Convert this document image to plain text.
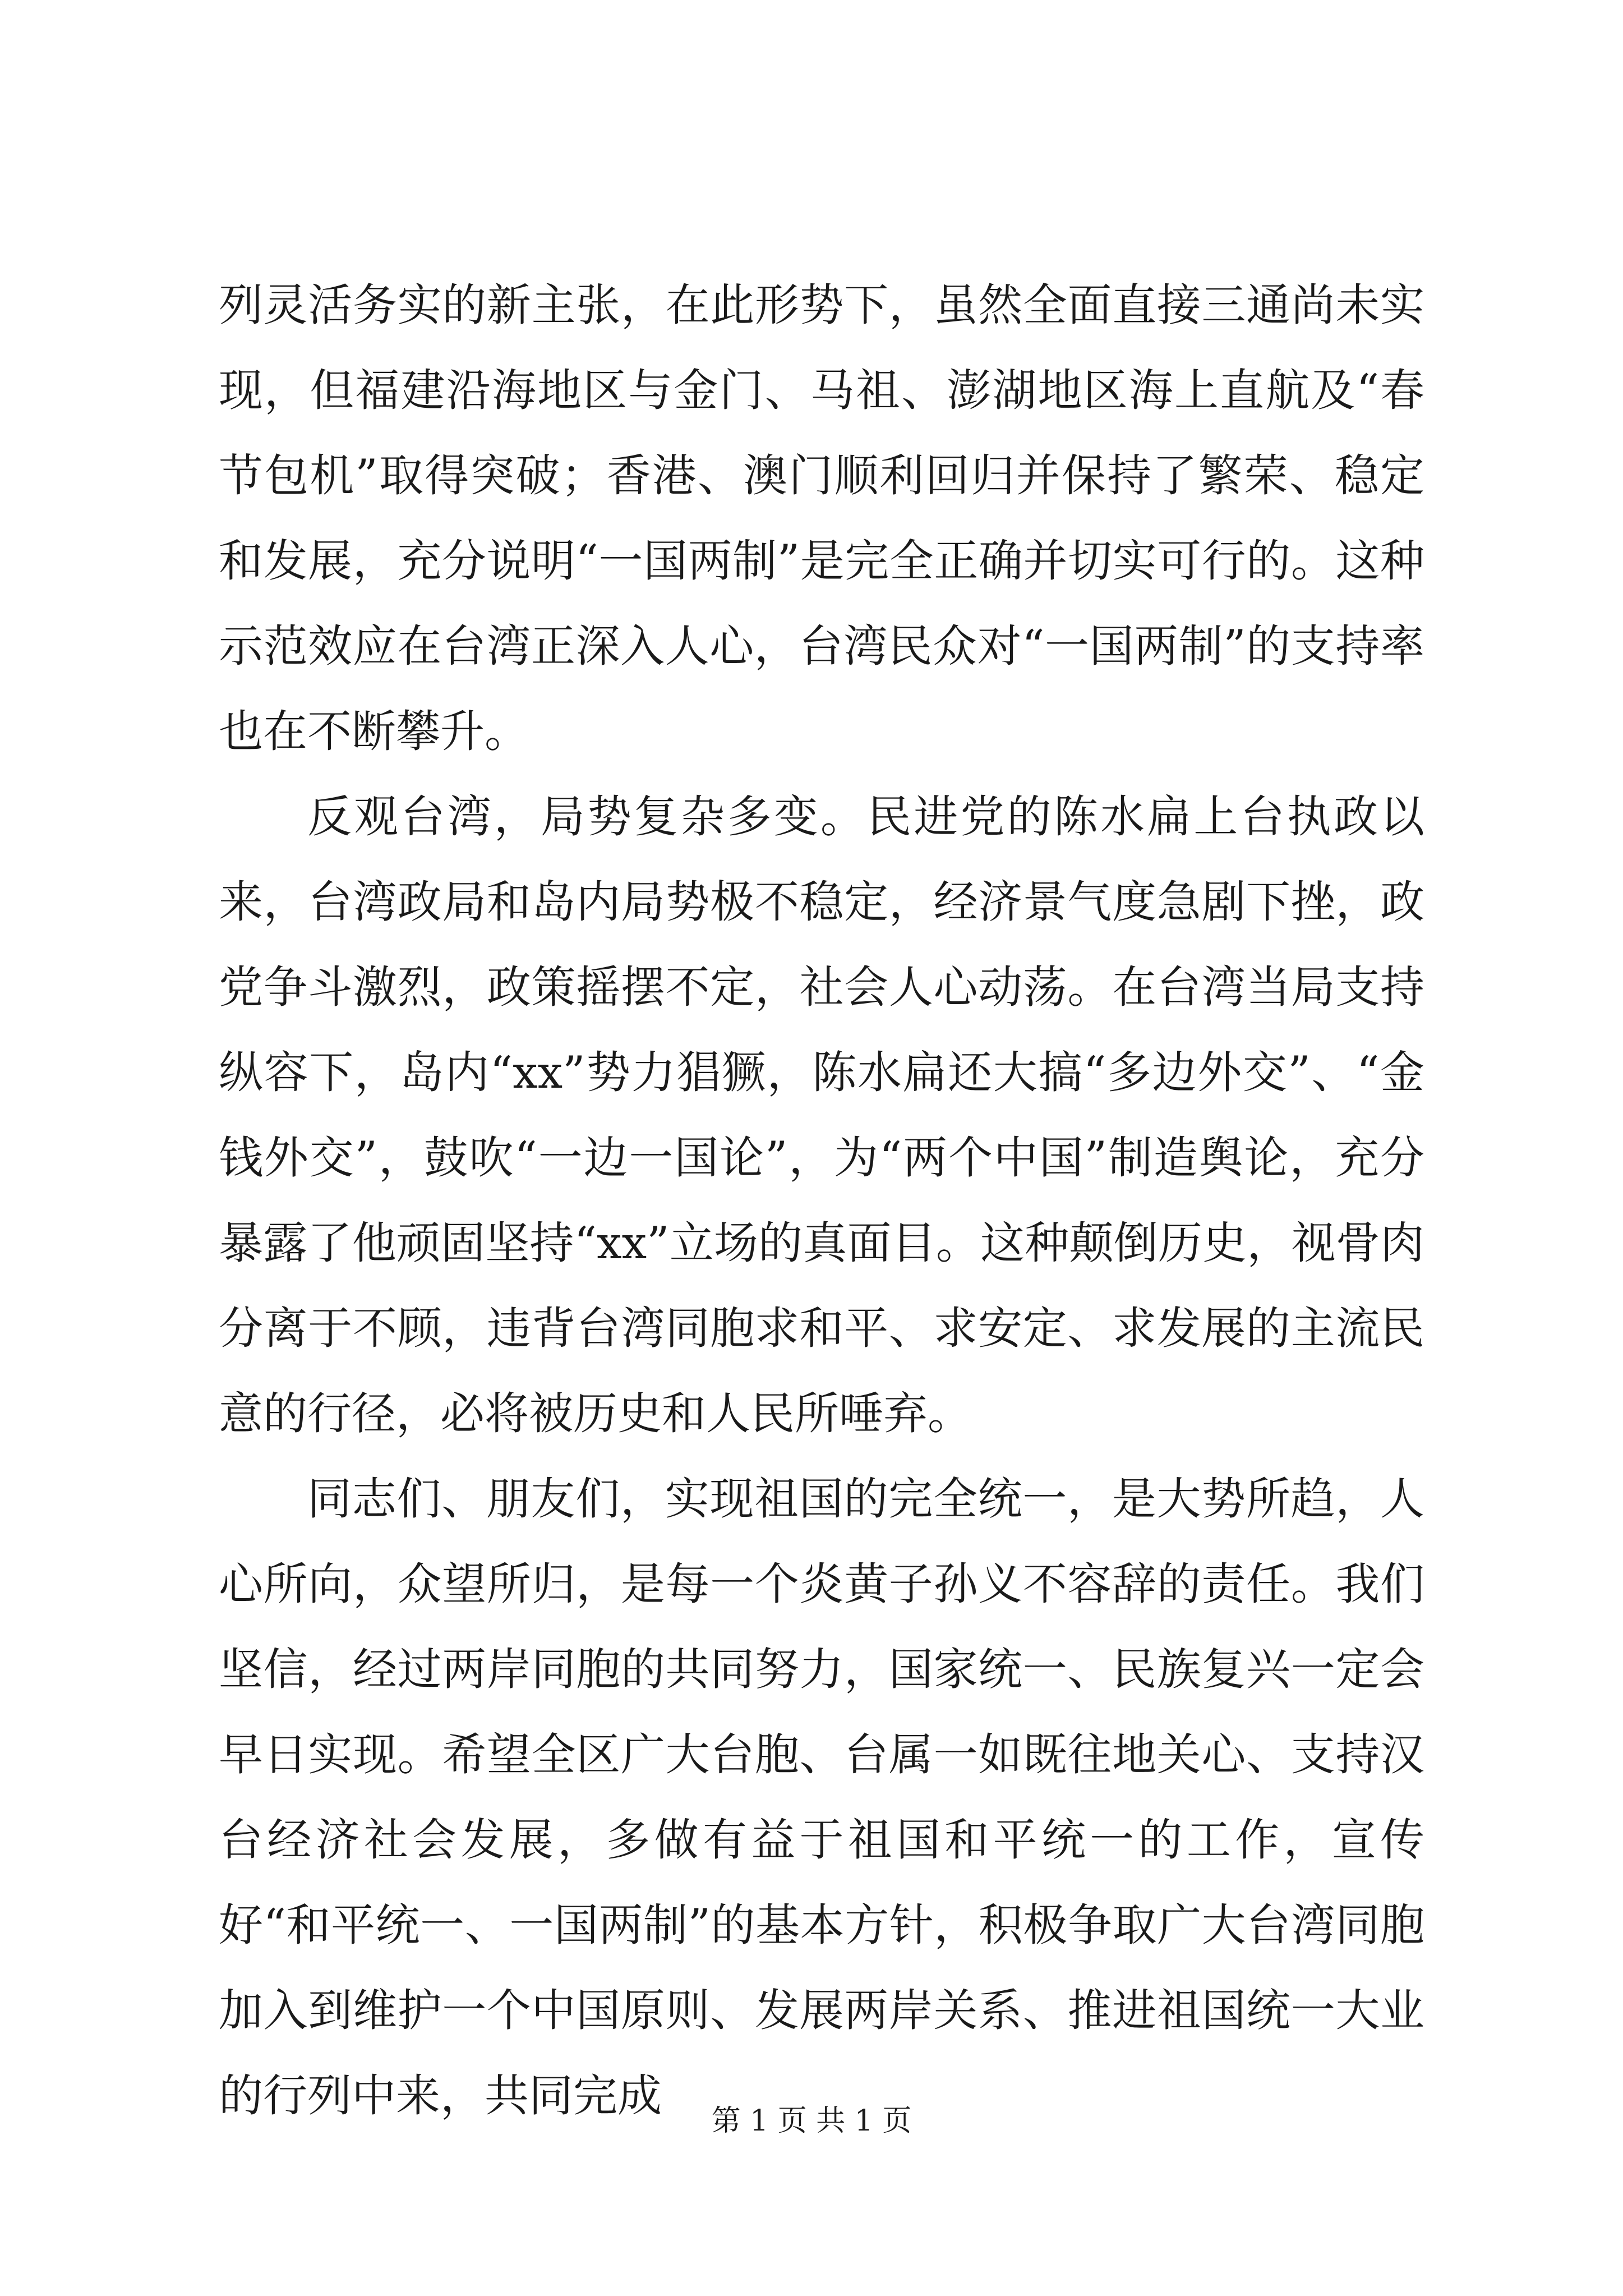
列灵活务实的新主张，在此形势下，虽然全面直接三通尚未实现，但福建沿海地区与金门、马祖、澎湖地区海上直航及“春节包机”取得突破；香港、澳门顺利回归并保持了繁荣、稳定和发展，充分说明“一国两制”是完全正确并切实可行的。这种示范效应在台湾正深入人心，台湾民众对“一国两制”的支持率也在不断攀升。

反观台湾，局势复杂多变。民进党的陈水扁上台执政以来，台湾政局和岛内局势极不稳定，经济景气度急剧下挫，政党争斗激烈，政策摇摆不定，社会人心动荡。在台湾当局支持纵容下，岛内“xx”势力猖獗，陈水扁还大搞“多边外交”、“金钱外交”，鼓吹“一边一国论”，为“两个中国”制造舆论，充分暴露了他顽固坚持“xx”立场的真面目。这种颠倒历史，视骨肉分离于不顾，违背台湾同胞求和平、求安定、求发展的主流民意的行径，必将被历史和人民所唾弃。

同志们、朋友们，实现祖国的完全统一，是大势所趋，人心所向，众望所归，是每一个炎黄子孙义不容辞的责任。我们坚信，经过两岸同胞的共同努力，国家统一、民族复兴一定会早日实现。希望全区广大台胞、台属一如既往地关心、支持汉台经济社会发展，多做有益于祖国和平统一的工作，宣传好“和平统一、一国两制”的基本方针，积极争取广大台湾同胞加入到维护一个中国原则、发展两岸关系、推进祖国统一大业的行列中来，共同完成	第 1 页 共 1 页
